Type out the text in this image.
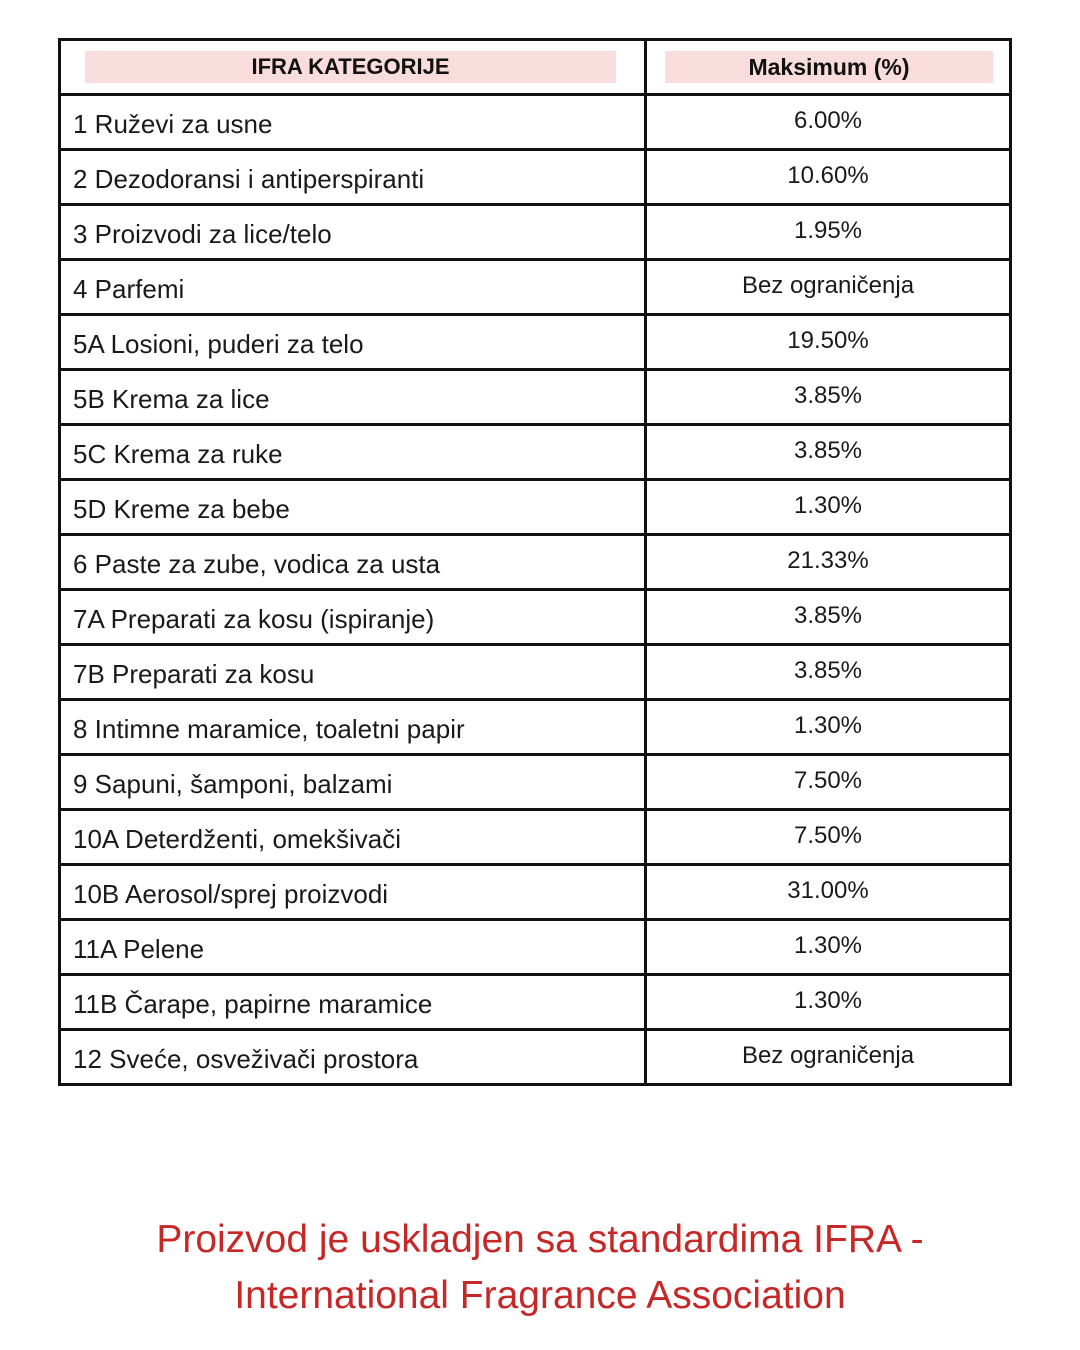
IFRA KATEGORIJE	Maksimum (%)

1 Ruževi za usne	6.00%
2 Dezodoransi i antiperspiranti	10.60%
3 Proizvodi za lice/telo	1.95%
4 Parfemi	Bez ograničenja
5A Losioni, puderi za telo	19.50%
5B Krema za lice	3.85%
5C Krema za ruke	3.85%
5D Kreme za bebe	1.30%
6 Paste za zube, vodica za usta	21.33%
7A Preparati za kosu (ispiranje)	3.85%
7B Preparati za kosu	3.85%
8 Intimne maramice, toaletni papir	1.30%
9 Sapuni, šamponi, balzami	7.50%
10A Deterdženti, omekšivači	7.50%
10B Aerosol/sprej proizvodi	31.00%
11A Pelene	1.30%
11B Čarape, papirne maramice	1.30%
12 Sveće, osveživači prostora	Bez ograničenja
Proizvod je uskladjen sa standardima IFRA -
International Fragrance Association
